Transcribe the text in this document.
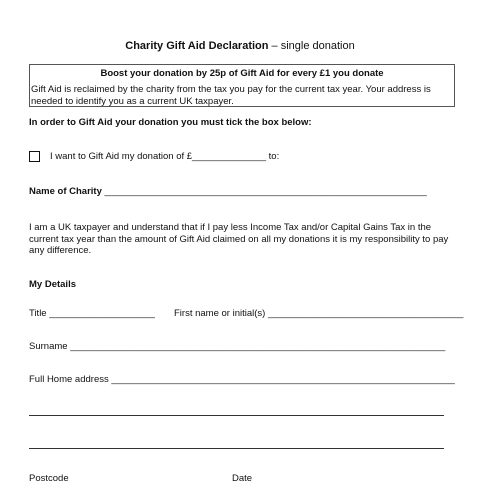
Charity Gift Aid Declaration – single donation
Boost your donation by 25p of Gift Aid for every £1 you donate
Gift Aid is reclaimed by the charity from the tax you pay for the current tax year. Your address is needed to identify you as a current UK taxpayer.
In order to Gift Aid your donation you must tick the box below:
I want to Gift Aid my donation of £______________ to:
Name of Charity _____________________________________________________________
I am a UK taxpayer and understand that if I pay less Income Tax and/or Capital Gains Tax in the current tax year than the amount of Gift Aid claimed on all my donations it is my responsibility to pay any difference.
My Details
Title ____________________ First name or initial(s) _____________________________________
Surname _______________________________________________________________________
Full Home address _________________________________________________________________
Postcode	Date
